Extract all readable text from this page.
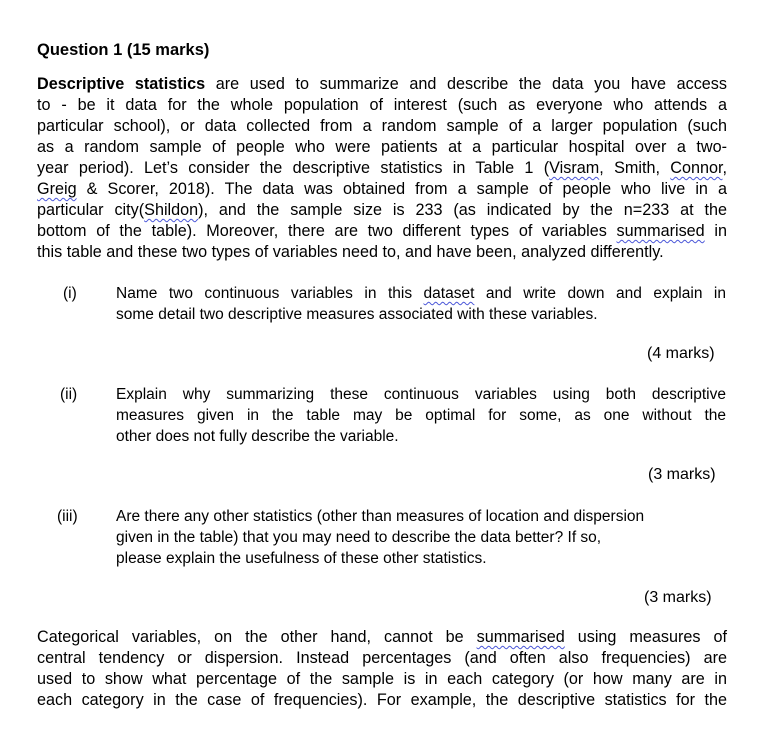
Question 1 (15 marks)
Descriptive statistics are used to summarize and describe the data you have access
to - be it data for the whole population of interest (such as everyone who attends a
particular school), or data collected from a random sample of a larger population (such
as a random sample of people who were patients at a particular hospital over a two-
year period). Let’s consider the descriptive statistics in Table 1 (Visram, Smith, Connor,
Greig & Scorer, 2018). The data was obtained from a sample of people who live in a
particular city(Shildon), and the sample size is 233 (as indicated by the n=233 at the
bottom of the table). Moreover, there are two different types of variables summarised in
this table and these two types of variables need to, and have been, analyzed differently.
(i)	Name two continuous variables in this dataset and write down and explain in
some detail two descriptive measures associated with these variables.
(4 marks)
(ii)	Explain why summarizing these continuous variables using both descriptive
measures given in the table may be optimal for some, as one without the
other does not fully describe the variable.
(3 marks)
(iii) Are there any other statistics (other than measures of location and dispersion
given in the table) that you may need to describe the data better? If so,
please explain the usefulness of these other statistics.
(3 marks)
Categorical variables, on the other hand, cannot be summarised using measures of
central tendency or dispersion. Instead percentages (and often also frequencies) are
used to show what percentage of the sample is in each category (or how many are in
each category in the case of frequencies). For example, the descriptive statistics for the
